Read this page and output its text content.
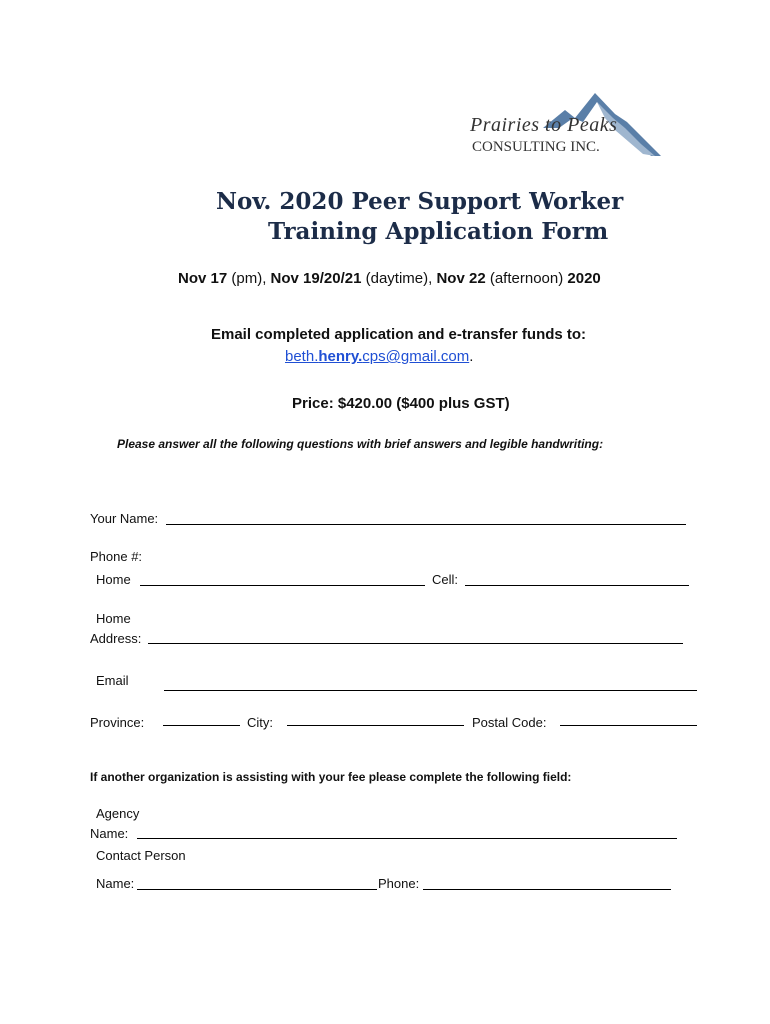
Prairies to Peaks
CONSULTING INC.
Nov. 2020 Peer Support Worker
Training Application Form
Nov 17 (pm), Nov 19/20/21 (daytime), Nov 22 (afternoon) 2020
Email completed application and e-transfer funds to:
beth.henry.cps@gmail.com.
Price: $420.00 ($400 plus GST)
Please answer all the following questions with brief answers and legible handwriting:
Your Name:
Phone #:
Home	Cell:
Home
Address:
Email
Province:	City:	Postal Code:
If another organization is assisting with your fee please complete the following field:
Agency
Name:
Contact Person
Name:	Phone:
